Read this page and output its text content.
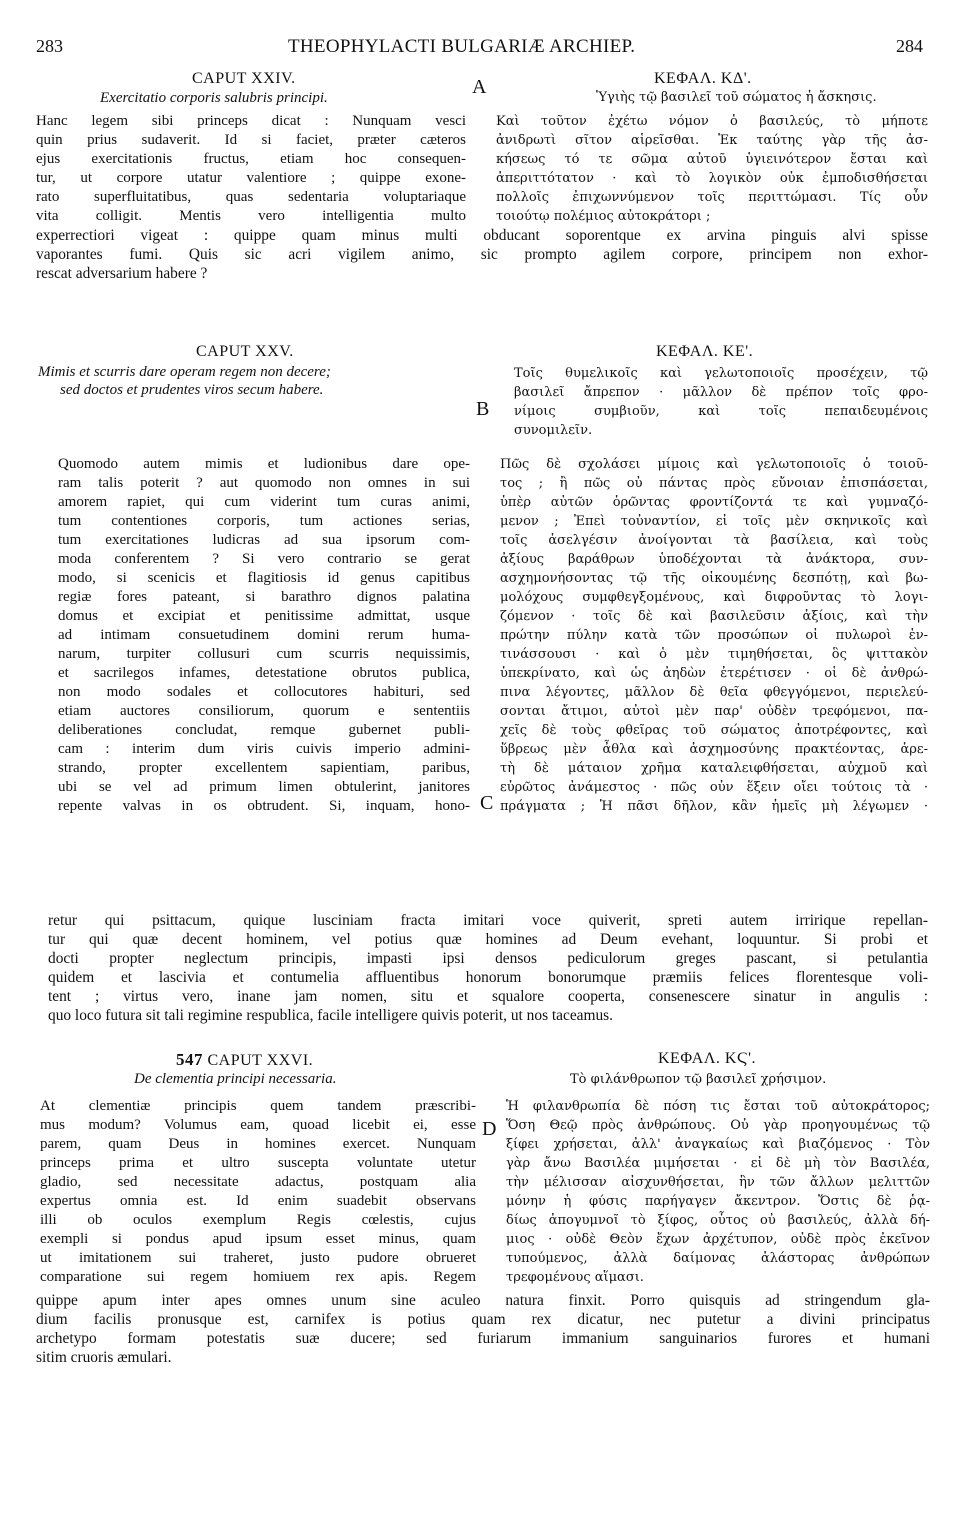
283	THEOPHYLACTI BULGARIÆ ARCHIEP.	284
A
B
C
D
CAPUT XXIV.
Exercitatio corporis salubris principi.
ΚΕΦΑΛ. ΚΔ'.
Ὑγιὴς τῷ βασιλεῖ τοῦ σώματος ἡ ἄσκησις.
Hanc legem sibi princeps dicat : Nunquam vesci
quin prius sudaverit. Id si faciet, præter cæteros
ejus exercitationis fructus, etiam hoc consequen-
tur, ut corpore utatur valentiore ; quippe exone-
rato superfluitatibus, quas sedentaria voluptariaque
vita colligit. Mentis vero intelligentia multo
Καὶ τοῦτον ἐχέτω νόμον ὁ βασιλεύς, τὸ μήποτε
ἀνιδρωτὶ σῖτον αἱρεῖσθαι. Ἐκ ταύτης γὰρ τῆς ἀσ-
κήσεως τό τε σῶμα αὐτοῦ ὑγιεινότερον ἔσται καὶ
ἀπεριττότατον · καὶ τὸ λογικὸν οὐκ ἐμποδισθήσεται
πολλοῖς ἐπιχωννύμενον τοῖς περιττώμασι. Τίς οὖν
τοιούτῳ πολέμιος αὐτοκράτορι ;
experrectiori vigeat : quippe quam minus multi obducant soporentque ex arvina pinguis alvi spisse
vaporantes fumi. Quis sic acri vigilem animo, sic prompto agilem corpore, principem non exhor-
rescat adversarium habere ?
CAPUT XXV.
Mimis et scurris dare operam regem non decere;
sed doctos et prudentes viros secum habere.
ΚΕΦΑΛ. ΚΕ'.
Τοῖς θυμελικοῖς καὶ γελωτοποιοῖς προσέχειν, τῷ
βασιλεῖ ἄπρεπον · μᾶλλον δὲ πρέπον τοῖς φρο-
νίμοις συμβιοῦν, καὶ τοῖς πεπαιδευμένοις
συνομιλεῖν.
Quomodo autem mimis et ludionibus dare ope-
ram talis poterit ? aut quomodo non omnes in sui
amorem rapiet, qui cum viderint tum curas animi,
tum contentiones corporis, tum actiones serias,
tum exercitationes ludicras ad sua ipsorum com-
moda conferentem ? Si vero contrario se gerat
modo, si scenicis et flagitiosis id genus capitibus
regiæ fores pateant, si barathro dignos palatina
domus et excipiat et penitissime admittat, usque
ad intimam consuetudinem domini rerum huma-
narum, turpiter collusuri cum scurris nequissimis,
et sacrilegos infames, detestatione obrutos publica,
non modo sodales et collocutores habituri, sed
etiam auctores consiliorum, quorum e sententiis
deliberationes concludat, remque gubernet publi-
cam : interim dum viris cuivis imperio admini-
strando, propter excellentem sapientiam, paribus,
ubi se vel ad primum limen obtulerint, janitores
repente valvas in os obtrudent. Si, inquam, hono-
Πῶς δὲ σχολάσει μίμοις καὶ γελωτοποιοῖς ὁ τοιοῦ-
τος ; ἢ πῶς οὐ πάντας πρὸς εὔνοιαν ἐπισπάσεται,
ὑπὲρ αὐτῶν ὁρῶντας φροντίζοντά τε καὶ γυμναζό-
μενον ; Ἐπεὶ τοὐναντίον, εἰ τοῖς μὲν σκηνικοῖς καὶ
τοῖς ἀσελγέσιν ἀνοίγονται τὰ βασίλεια, καὶ τοὺς
ἀξίους βαράθρων ὑποδέχονται τὰ ἀνάκτορα, συν-
ασχημονήσοντας τῷ τῆς οἰκουμένης δεσπότῃ, καὶ βω-
μολόχους συμφθεγξομένους, καὶ διφροῦντας τὸ λογι-
ζόμενον · τοῖς δὲ καὶ βασιλεῦσιν ἀξίοις, καὶ τὴν
πρώτην πύλην κατὰ τῶν προσώπων οἱ πυλωροὶ ἐν-
τινάσσουσι · καὶ ὁ μὲν τιμηθήσεται, ὃς ψιττακὸν
ὑπεκρίνατο, καὶ ὡς ἀηδὼν ἐτερέτισεν · οἱ δὲ ἀνθρώ-
πινα λέγοντες, μᾶλλον δὲ θεῖα φθεγγόμενοι, περιελεύ-
σονται ἄτιμοι, αὐτοὶ μὲν παρ' οὐδὲν τρεφόμενοι, πα-
χεῖς δὲ τοὺς φθεῖρας τοῦ σώματος ἀποτρέφοντες, καὶ
ὕβρεως μὲν ἆθλα καὶ ἀσχημοσύνης πρακτέοντας, ἀρε-
τὴ δὲ μάταιον χρῆμα καταλειφθήσεται, αὐχμοῦ καὶ
εὐρῶτος ἀνάμεστος · πῶς οὐν ἕξειν οἴει τούτοις τὰ ·
πράγματα ; Ἡ πᾶσι δῆλον, κἂν ἡμεῖς μὴ λέγωμεν ·
retur qui psittacum, quique lusciniam fracta imitari voce quiverit, spreti autem irririque repellan-
tur qui quæ decent hominem, vel potius quæ homines ad Deum evehant, loquuntur. Si probi et
docti propter neglectum principis, impasti ipsi densos pediculorum greges pascant, si petulantia
quidem et lascivia et contumelia affluentibus honorum bonorumque præmiis felices florentesque voli-
tent ; virtus vero, inane jam nomen, situ et squalore cooperta, consenescere sinatur in angulis :
quo loco futura sit tali regimine respublica, facile intelligere quivis poterit, ut nos taceamus.
547 CAPUT XXVI.
De clementia principi necessaria.
ΚΕΦΑΛ. ΚϚ'.
Τὸ φιλάνθρωπον τῷ βασιλεῖ χρήσιμον.
At clementiæ principis quem tandem præscribi-
mus modum? Volumus eam, quoad licebit ei, esse
parem, quam Deus in homines exercet. Nunquam
princeps prima et ultro suscepta voluntate utetur
gladio, sed necessitate adactus, postquam alia
expertus omnia est. Id enim suadebit observans
illi ob oculos exemplum Regis cœlestis, cujus
exempli si pondus apud ipsum esset minus, quam
ut imitationem sui traheret, justo pudore obrueret
comparatione sui regem homiuem rex apis. Regem
Ἡ φιλανθρωπία δὲ πόση τις ἔσται τοῦ αὐτοκράτορος;
Ὅση Θεῷ πρὸς ἀνθρώπους. Οὐ γὰρ προηγουμένως τῷ
ξίφει χρήσεται, ἀλλ' ἀναγκαίως καὶ βιαζόμενος · Τὸν
γὰρ ἄνω Βασιλέα μιμήσεται · εἰ δὲ μὴ τὸν Βασιλέα,
τὴν μέλισσαν αἰσχυνθήσεται, ἣν τῶν ἄλλων μελιττῶν
μόνην ἡ φύσις παρήγαγεν ἄκεντρον. Ὅστις δὲ ῥᾳ-
δίως ἀπογυμνοῖ τὸ ξίφος, οὗτος οὐ βασιλεύς, ἀλλὰ δή-
μιος · οὐδὲ Θεὸν ἔχων ἀρχέτυπον, οὐδὲ πρὸς ἐκεῖνον
τυπούμενος, ἀλλὰ δαίμονας ἀλάστορας ἀνθρώπων
τρεφομένους αἵμασι.
quippe apum inter apes omnes unum sine aculeo natura finxit. Porro quisquis ad stringendum gla-
dium facilis pronusque est, carnifex is potius quam rex dicatur, nec putetur a divini principatus
archetypo formam potestatis suæ ducere; sed furiarum immanium sanguinarios furores et humani
sitim cruoris æmulari.
